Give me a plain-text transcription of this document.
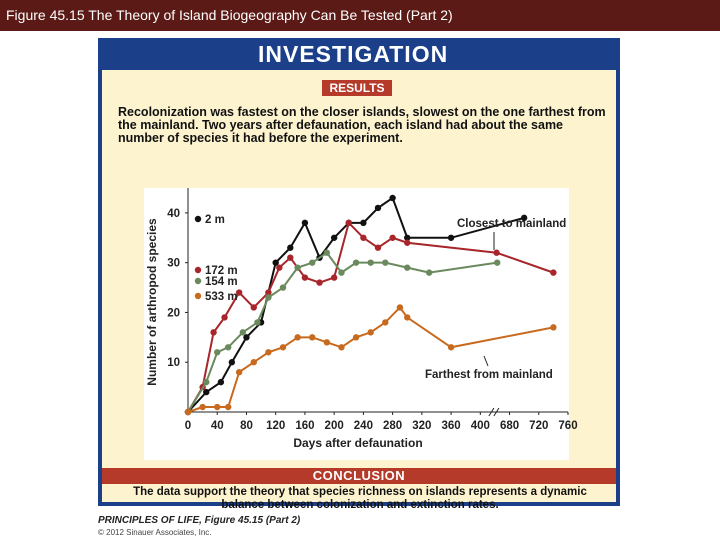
Figure 45.15 The Theory of Island Biogeography Can Be Tested (Part 2)
INVESTIGATION
RESULTS
Recolonization was fastest on the closer islands, slowest on the one farthest from the mainland. Two years after defaunation, each island had about the same number of species it had before the experiment.
0 40 80 120 160 200 240 280 320 360 400 680 720 760
10
20
30
40
Days after defaunation
Number of arthropod species	2 m
172 m
154 m
533 m
Closest to mainland
Farthest from mainland
CONCLUSION
The data support the theory that species richness on islands represents a dynamic balance between colonization and extinction rates.
PRINCIPLES OF LIFE, Figure 45.15 (Part 2)
© 2012 Sinauer Associates, Inc.
